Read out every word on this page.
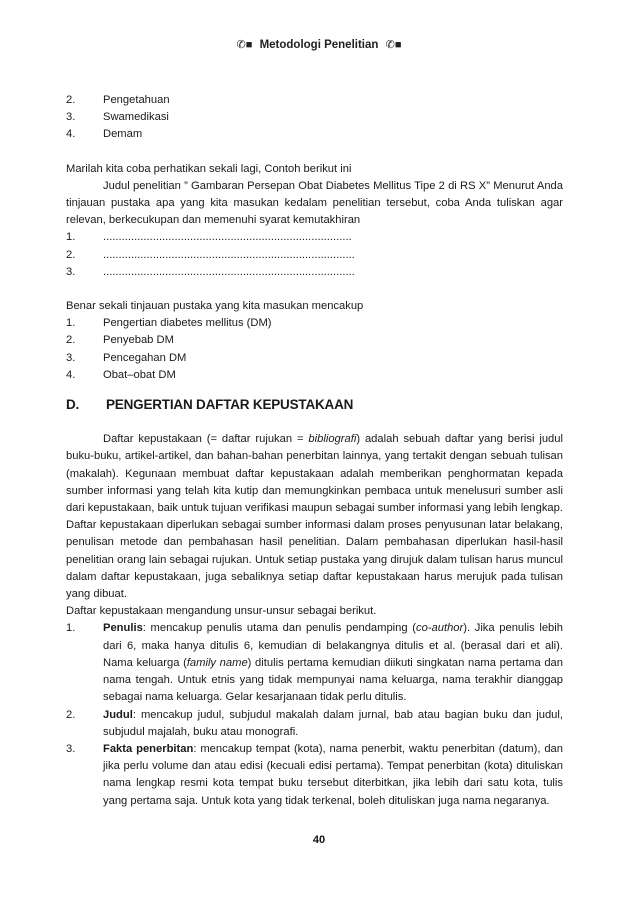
✆■ Metodologi Penelitian ✆■
2.	Pengetahuan
3.	Swamedikasi
4.	Demam

Marilah kita coba perhatikan sekali lagi, Contoh berikut ini

Judul penelitian ” Gambaran Persepan Obat Diabetes Mellitus Tipe 2 di RS X” Menurut Anda tinjauan pustaka apa yang kita masukan kedalam penelitian tersebut, coba Anda tuliskan agar relevan, berkecukupan dan memenuhi syarat kemutakhiran

1.	................................................................................
2.	.................................................................................
3.	.................................................................................

Benar sekali tinjauan pustaka yang kita masukan mencakup

1.	Pengertian diabetes mellitus (DM)
2.	Penyebab DM
3.	Pencegahan DM
4.	Obat–obat DM
D.	PENGERTIAN DAFTAR KEPUSTAKAAN

Daftar kepustakaan (= daftar rujukan = bibliografi) adalah sebuah daftar yang berisi judul buku-buku, artikel-artikel, dan bahan-bahan penerbitan lainnya, yang tertakit dengan sebuah tulisan (makalah). Kegunaan membuat daftar kepustakaan adalah memberikan penghormatan kepada sumber informasi yang telah kita kutip dan memungkinkan pembaca untuk menelusuri sumber asli dari kepustakaan, baik untuk tujuan verifikasi maupun sebagai sumber informasi yang lebih lengkap. Daftar kepustakaan diperlukan sebagai sumber informasi dalam proses penyusunan latar belakang, penulisan metode dan pembahasan hasil penelitian. Dalam pembahasan diperlukan hasil-hasil penelitian orang lain sebagai rujukan. Untuk setiap pustaka yang dirujuk dalam tulisan harus muncul dalam daftar kepustakaan, juga sebaliknya setiap daftar kepustakaan harus merujuk pada tulisan yang dibuat.

Daftar kepustakaan mengandung unsur-unsur sebagai berikut.

1.	Penulis: mencakup penulis utama dan penulis pendamping (co-author). Jika penulis lebih dari 6, maka hanya ditulis 6, kemudian di belakangnya ditulis et al. (berasal dari et ali). Nama keluarga (family name) ditulis pertama kemudian diikuti singkatan nama pertama dan nama tengah. Untuk etnis yang tidak mempunyai nama keluarga, nama terakhir dianggap sebagai nama keluarga. Gelar kesarjanaan tidak perlu ditulis.
2.	Judul: mencakup judul, subjudul makalah dalam jurnal, bab atau bagian buku dan judul, subjudul majalah, buku atau monografi.
3.	Fakta penerbitan: mencakup tempat (kota), nama penerbit, waktu penerbitan (datum), dan jika perlu volume dan atau edisi (kecuali edisi pertama). Tempat penerbitan (kota) dituliskan nama lengkap resmi kota tempat buku tersebut diterbitkan, jika lebih dari satu kota, tulis yang pertama saja. Untuk kota yang tidak terkenal, boleh dituliskan juga nama negaranya.
40
